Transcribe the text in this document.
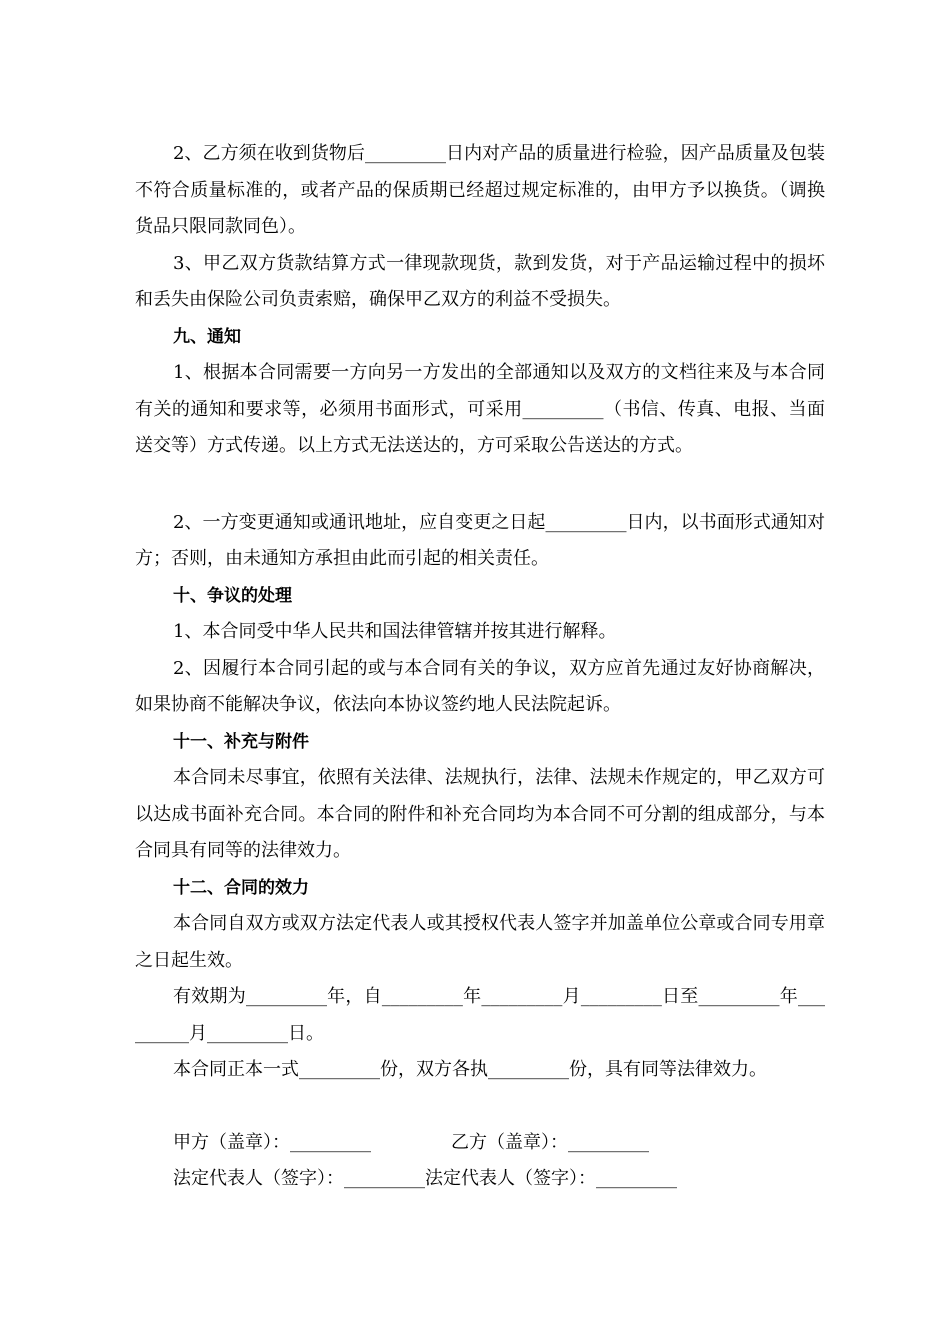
2、乙方须在收到货物后_________日内对产品的质量进行检验，因产品质量及包装不符合质量标准的，或者产品的保质期已经超过规定标准的，由甲方予以换货。（调换货品只限同款同色）。

3、甲乙双方货款结算方式一律现款现货，款到发货，对于产品运输过程中的损坏和丢失由保险公司负责索赔，确保甲乙双方的利益不受损失。

九、通知

1、根据本合同需要一方向另一方发出的全部通知以及双方的文档往来及与本合同有关的通知和要求等，必须用书面形式，可采用_________（书信、传真、电报、当面送交等）方式传递。以上方式无法送达的，方可采取公告送达的方式。

2、一方变更通知或通讯地址，应自变更之日起_________日内，以书面形式通知对方；否则，由未通知方承担由此而引起的相关责任。

十、争议的处理

1、本合同受中华人民共和国法律管辖并按其进行解释。

2、因履行本合同引起的或与本合同有关的争议，双方应首先通过友好协商解决，如果协商不能解决争议，依法向本协议签约地人民法院起诉。

十一、补充与附件

本合同未尽事宜，依照有关法律、法规执行，法律、法规未作规定的，甲乙双方可以达成书面补充合同。本合同的附件和补充合同均为本合同不可分割的组成部分，与本合同具有同等的法律效力。

十二、合同的效力

本合同自双方或双方法定代表人或其授权代表人签字并加盖单位公章或合同专用章之日起生效。

有效期为_________年，自_________年_________月_________日至_________年_________月_________日。

本合同正本一式_________份，双方各执_________份，具有同等法律效力。

甲方（盖章）：_________	乙方（盖章）：_________

法定代表人（签字）：_________法定代表人（签字）：_________
